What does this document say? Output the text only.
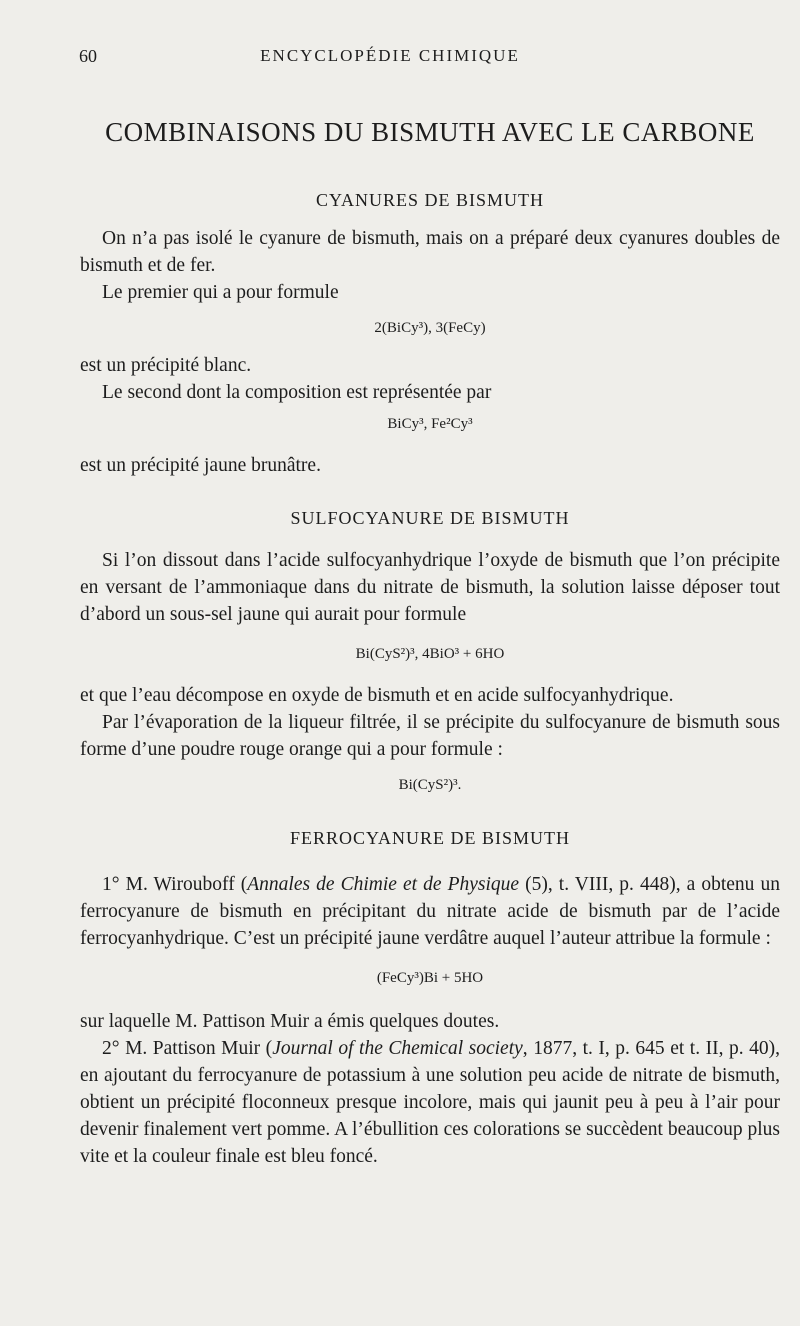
60	ENCYCLOPÉDIE CHIMIQUE
COMBINAISONS DU BISMUTH AVEC LE CARBONE
CYANURES DE BISMUTH

On n’a pas isolé le cyanure de bismuth, mais on a préparé deux cyanures doubles de bismuth et de fer.

Le premier qui a pour formule

2(BiCy³), 3(FeCy)

est un précipité blanc.

Le second dont la composition est représentée par

BiCy³, Fe²Cy³

est un précipité jaune brunâtre.

SULFOCYANURE DE BISMUTH

Si l’on dissout dans l’acide sulfocyanhydrique l’oxyde de bismuth que l’on précipite en versant de l’ammoniaque dans du nitrate de bismuth, la solution laisse déposer tout d’abord un sous-sel jaune qui aurait pour formule

Bi(CyS²)³, 4BiO³ + 6HO

et que l’eau décompose en oxyde de bismuth et en acide sulfocyanhydrique.

Par l’évaporation de la liqueur filtrée, il se précipite du sulfocyanure de bismuth sous forme d’une poudre rouge orange qui a pour formule :

Bi(CyS²)³.
FERROCYANURE DE BISMUTH

1° M. Wirouboff (Annales de Chimie et de Physique (5), t. VIII, p. 448), a obtenu un ferrocyanure de bismuth en précipitant du nitrate acide de bismuth par de l’acide ferrocyanhydrique. C’est un précipité jaune verdâtre auquel l’auteur attribue la formule :

(FeCy³)Bi + 5HO

sur laquelle M. Pattison Muir a émis quelques doutes.

2° M. Pattison Muir (Journal of the Chemical society, 1877, t. I, p. 645 et t. II, p. 40), en ajoutant du ferrocyanure de potassium à une solution peu acide de nitrate de bismuth, obtient un précipité floconneux presque incolore, mais qui jaunit peu à peu à l’air pour devenir finalement vert pomme. A l’ébullition ces colorations se succèdent beaucoup plus vite et la couleur finale est bleu foncé.
